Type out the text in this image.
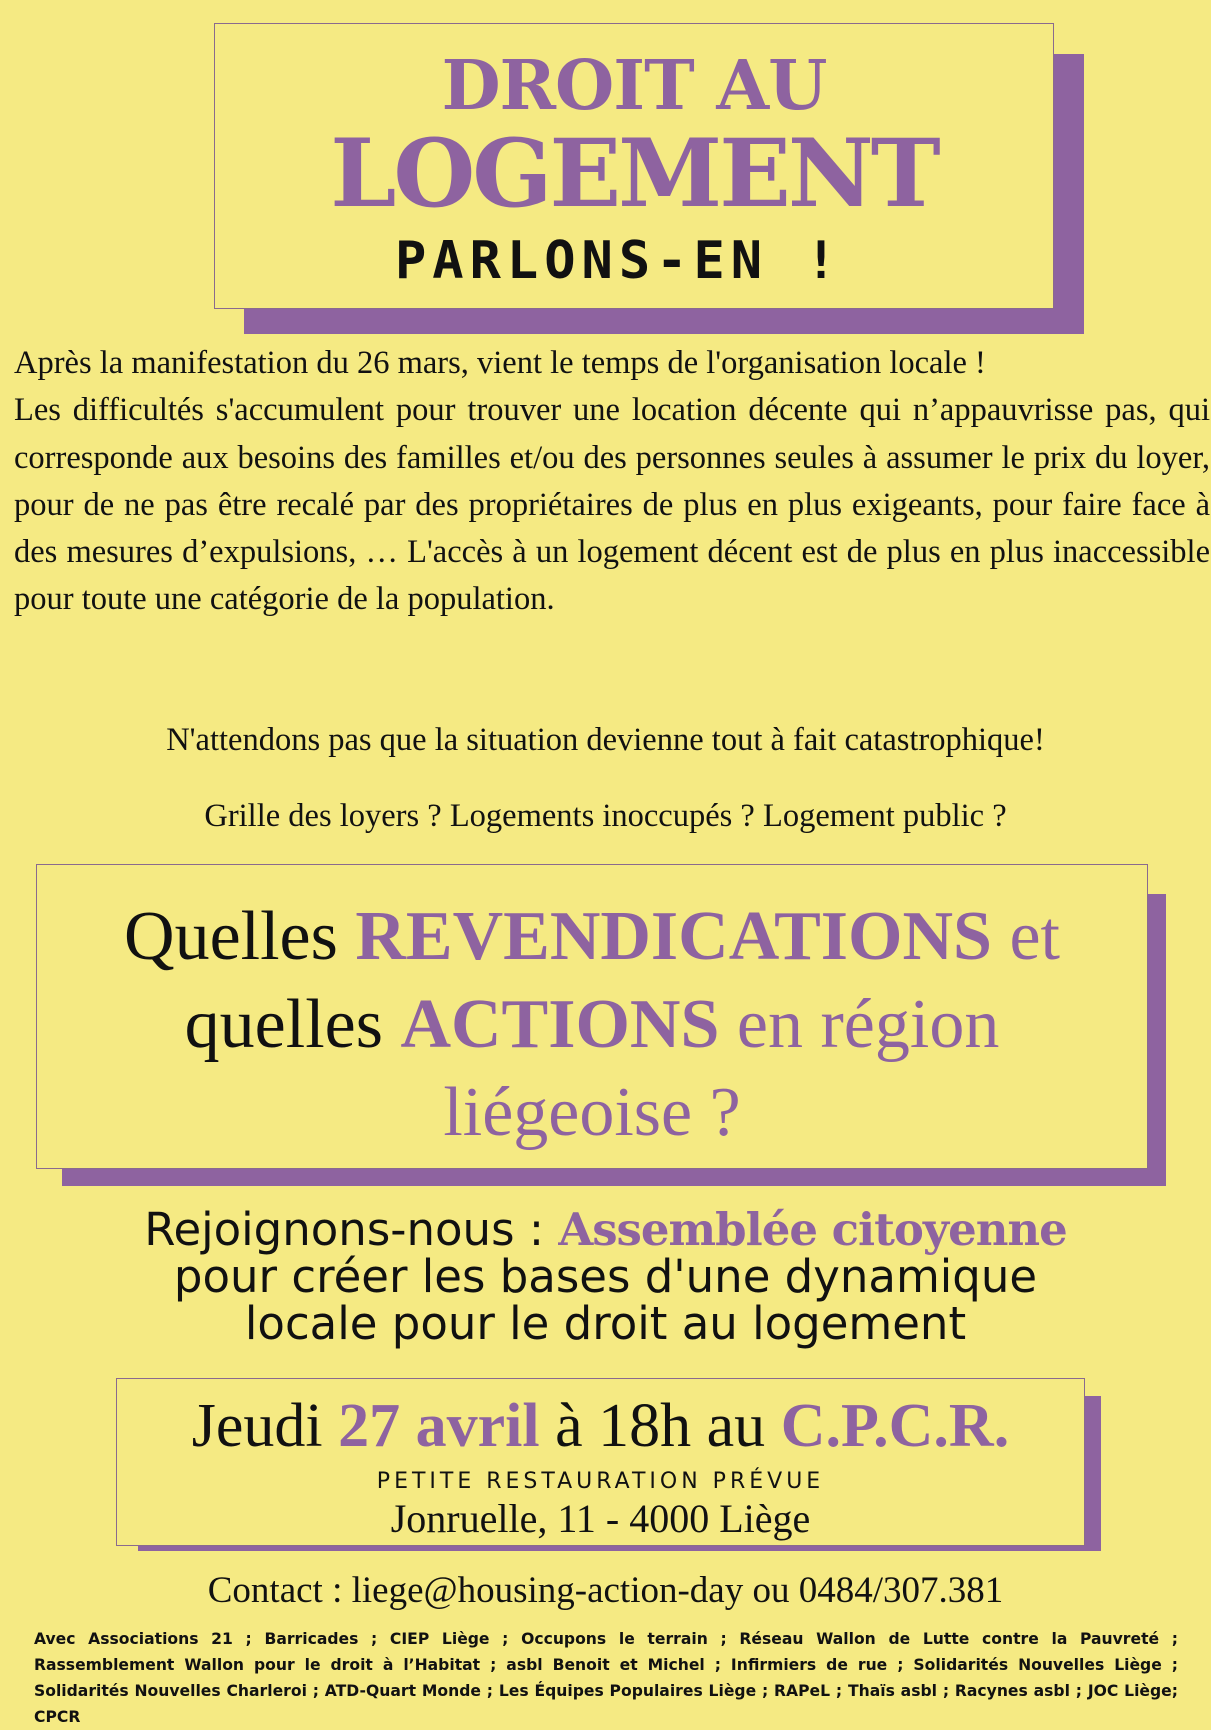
DROIT AU
LOGEMENT
PARLONS-EN !

Après la manifestation du 26 mars, vient le temps de l'organisation locale !

Les difficultés s'accumulent pour trouver une location décente qui n’appauvrisse pas, qui corresponde aux besoins des familles et/ou des personnes seules à assumer le prix du loyer, pour de ne pas être recalé par des propriétaires de plus en plus exigeants, pour faire face à des mesures d’expulsions, … L'accès à un logement décent est de plus en plus inaccessible pour toute une catégorie de la population.

N'attendons pas que la situation devienne tout à fait catastrophique!
Grille des loyers ? Logements inoccupés ? Logement public ?
Quelles REVENDICATIONS et
quelles ACTIONS en région
liégeoise ?
Rejoignons-nous : Assemblée citoyenne
pour créer les bases d'une dynamique
locale pour le droit au logement
Jeudi 27 avril à 18h au C.P.C.R.
PETITE RESTAURATION PRÉVUE
Jonruelle, 11 - 4000 Liège
Contact : liege@housing-action-day ou 0484/307.381
Avec Associations 21 ; Barricades ; CIEP Liège ; Occupons le terrain ; Réseau Wallon de Lutte contre la Pauvreté ; Rassemblement Wallon pour le droit à l’Habitat ; asbl Benoit et Michel ; Infirmiers de rue ; Solidarités Nouvelles Liège ; Solidarités Nouvelles Charleroi ; ATD-Quart Monde ; Les Équipes Populaires Liège ; RAPeL ; Thaïs asbl ; Racynes asbl ; JOC Liège; CPCR
